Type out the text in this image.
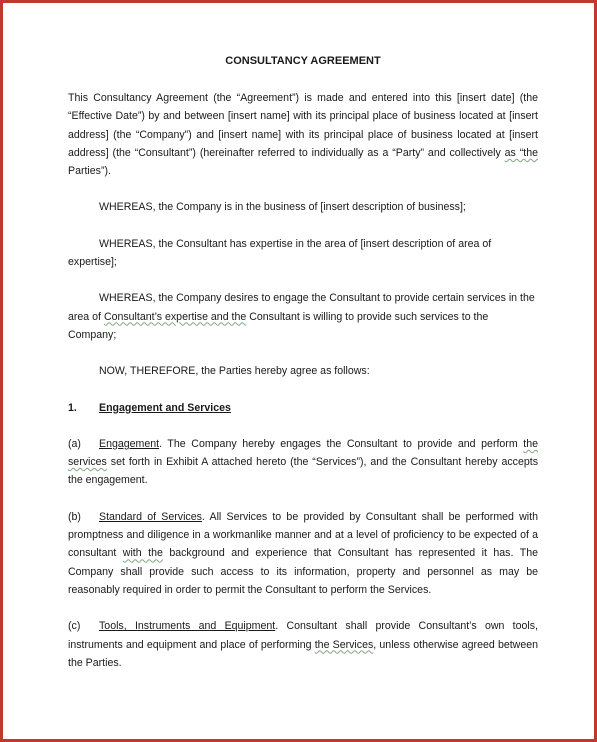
CONSULTANCY AGREEMENT

This Consultancy Agreement (the “Agreement”) is made and entered into this [insert date] (the “Effective Date”) by and between [insert name] with its principal place of business located at [insert address] (the “Company”) and [insert name] with its principal place of business located at [insert address] (the “Consultant”) (hereinafter referred to individually as a “Party” and collectively as “the Parties”).

WHEREAS, the Company is in the business of [insert description of business];

WHEREAS, the Consultant has expertise in the area of [insert description of area of expertise];

WHEREAS, the Company desires to engage the Consultant to provide certain services in the area of Consultant’s expertise and the Consultant is willing to provide such services to the Company;

NOW, THEREFORE, the Parties hereby agree as follows:

1. Engagement and Services

(a) Engagement. The Company hereby engages the Consultant to provide and perform the services set forth in Exhibit A attached hereto (the “Services”), and the Consultant hereby accepts the engagement.

(b) Standard of Services. All Services to be provided by Consultant shall be performed with promptness and diligence in a workmanlike manner and at a level of proficiency to be expected of a consultant with the background and experience that Consultant has represented it has. The Company shall provide such access to its information, property and personnel as may be reasonably required in order to permit the Consultant to perform the Services.

(c) Tools, Instruments and Equipment. Consultant shall provide Consultant’s own tools, instruments and equipment and place of performing the Services, unless otherwise agreed between the Parties.
